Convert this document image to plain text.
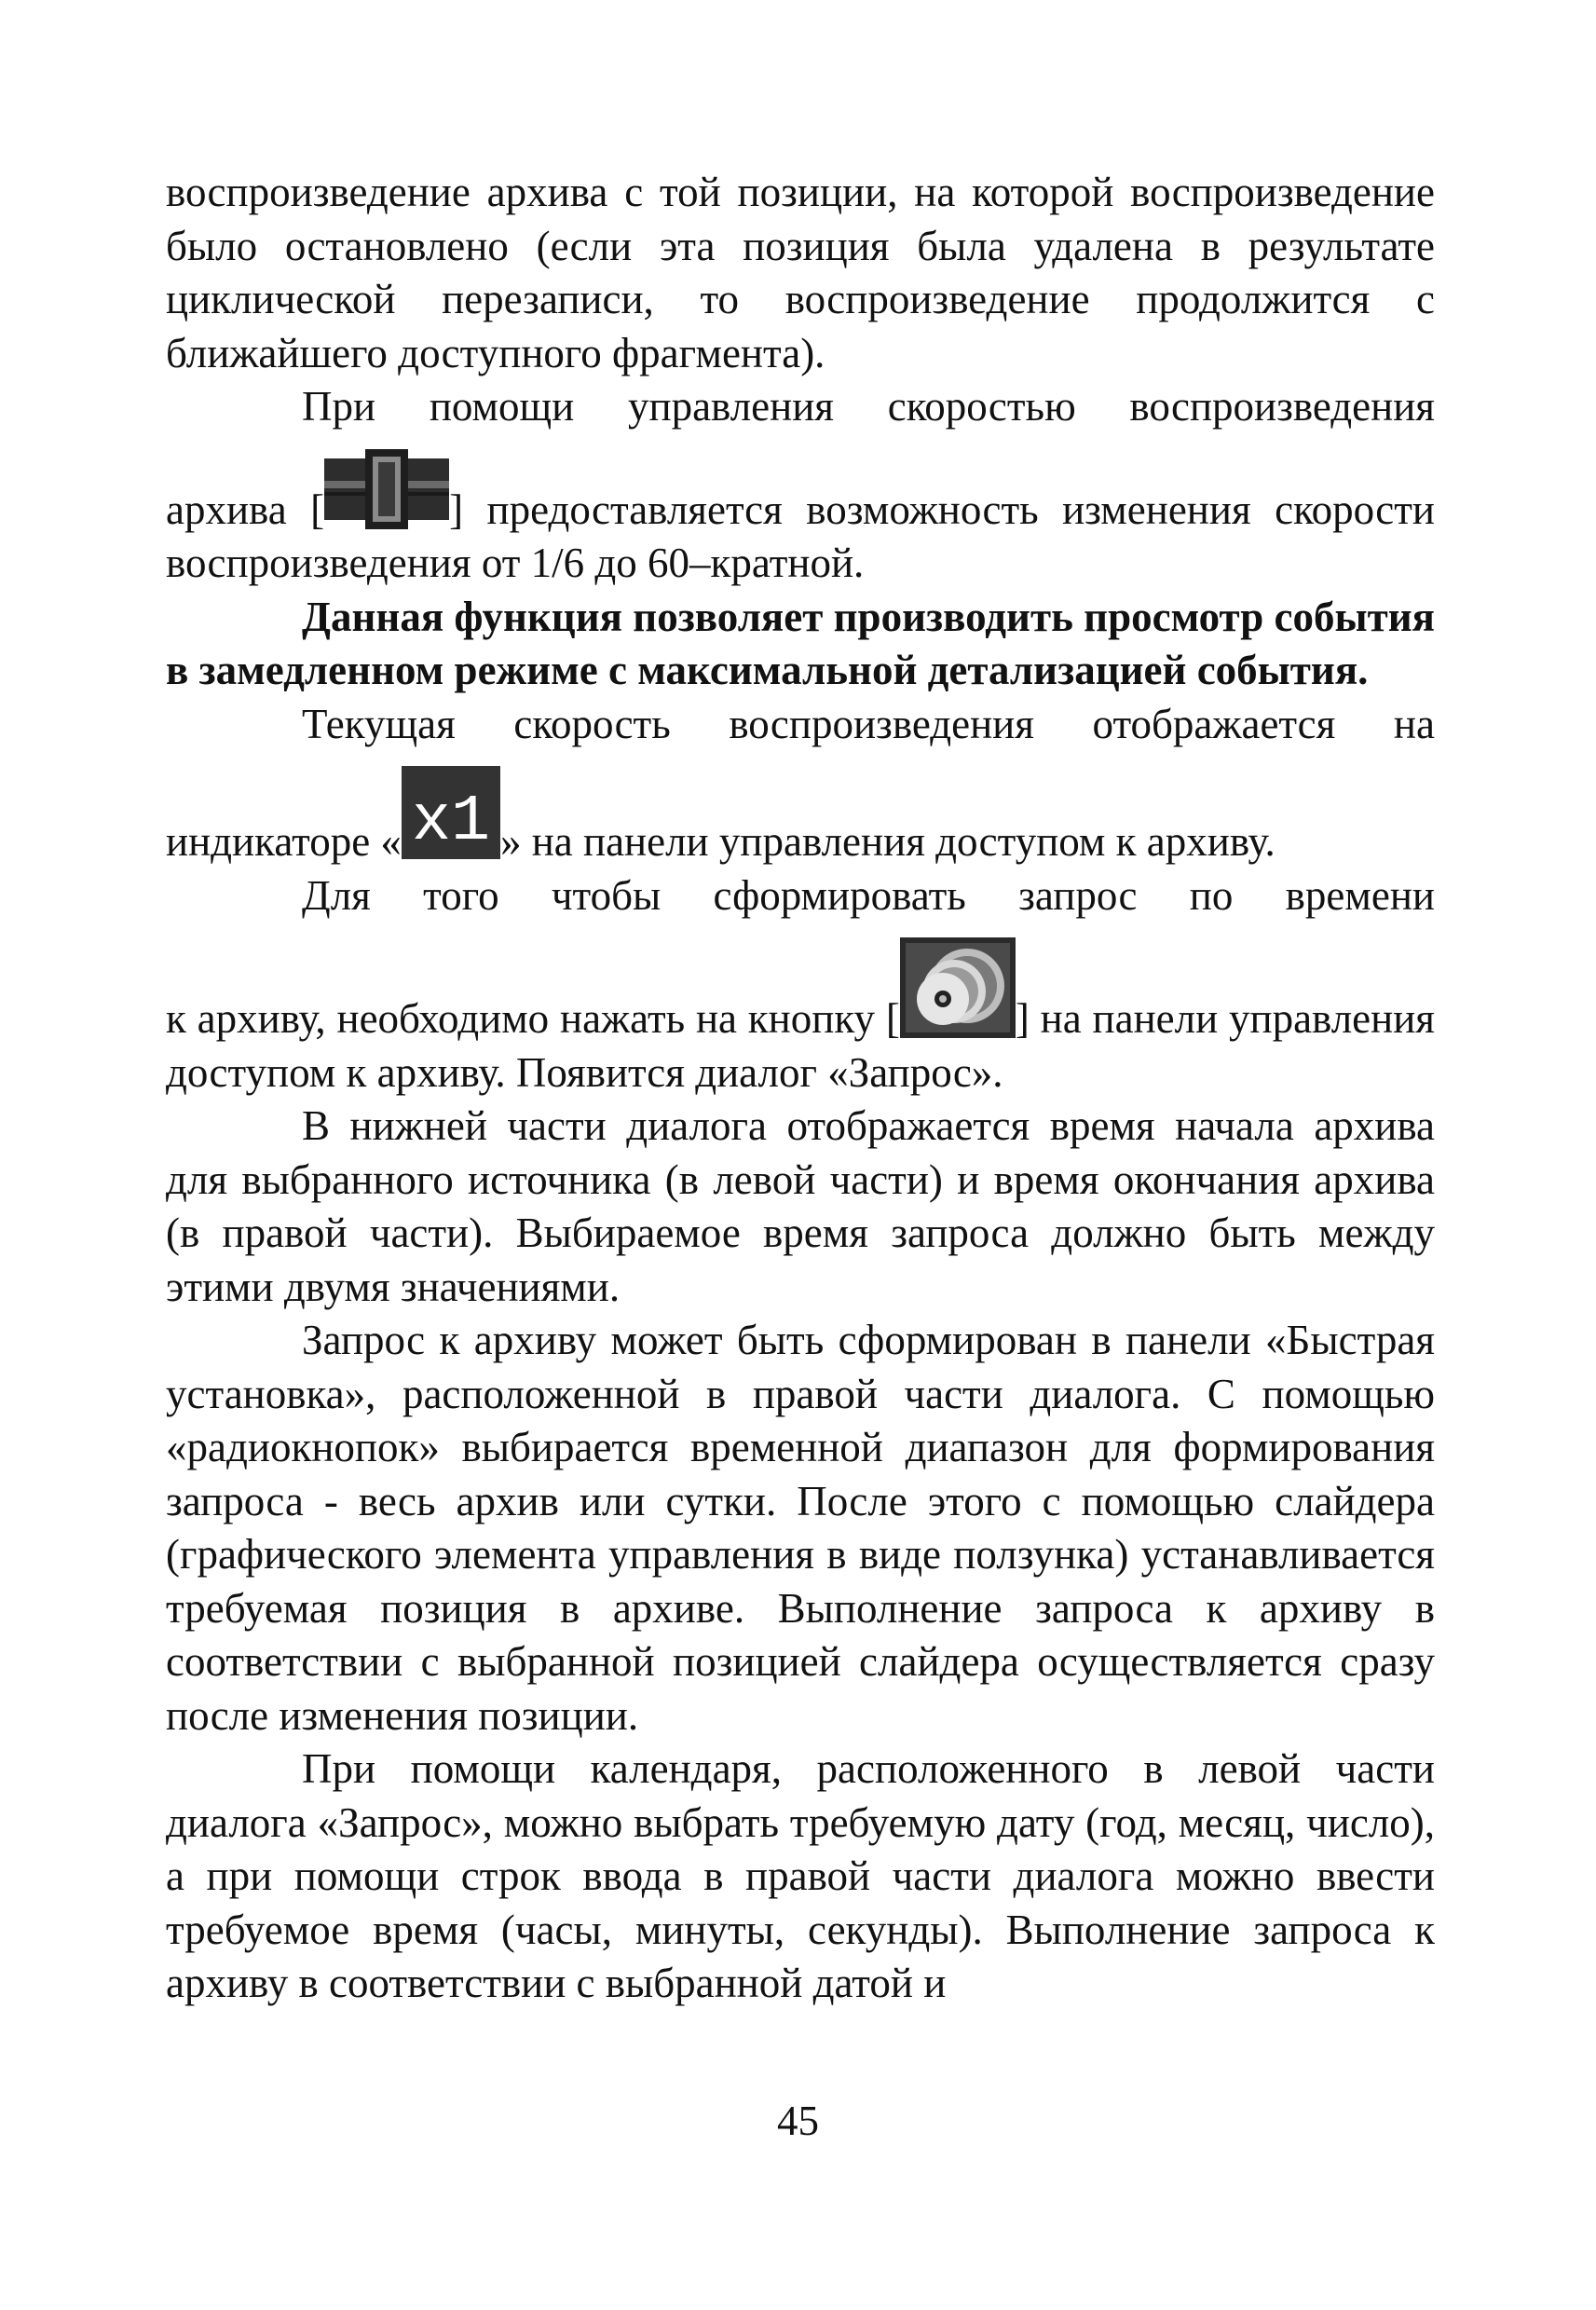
воспроизведение архива с той позиции, на которой воспроизведение было остановлено (если эта позиция была удалена в результате циклической перезаписи, то воспроизведение продолжится с ближайшего доступного фрагмента).

При помощи управления скоростью воспроизведения

архива [	] предоставляется возможность изменения скорости воспроизведения от 1/6 до 60–кратной.

Данная функция позволяет производить просмотр события в замедленном режиме с максимальной детализацией события.

Текущая скорость воспроизведения отображается на

индикаторе « x1 » на панели управления доступом к архиву.

Для того чтобы сформировать запрос по времени

к архиву, необходимо нажать на кнопку [	] на панели управления доступом к архиву. Появится диалог «Запрос».

В нижней части диалога отображается время начала архива для выбранного источника (в левой части) и время окончания архива (в правой части). Выбираемое время запроса должно быть между этими двумя значениями.

Запрос к архиву может быть сформирован в панели «Быстрая установка», расположенной в правой части диалога. С помощью «радиокнопок» выбирается временной диапазон для формирования запроса - весь архив или сутки. После этого с помощью слайдера (графического элемента управления в виде ползунка) устанавливается требуемая позиция в архиве. Выполнение запроса к архиву в соответствии с выбранной позицией слайдера осуществляется сразу после изменения позиции.

При помощи календаря, расположенного в левой части диалога «Запрос», можно выбрать требуемую дату (год, месяц, число), а при помощи строк ввода в правой части диалога можно ввести требуемое время (часы, минуты, секунды). Выполнение запроса к архиву в соответствии с выбранной датой и

45
